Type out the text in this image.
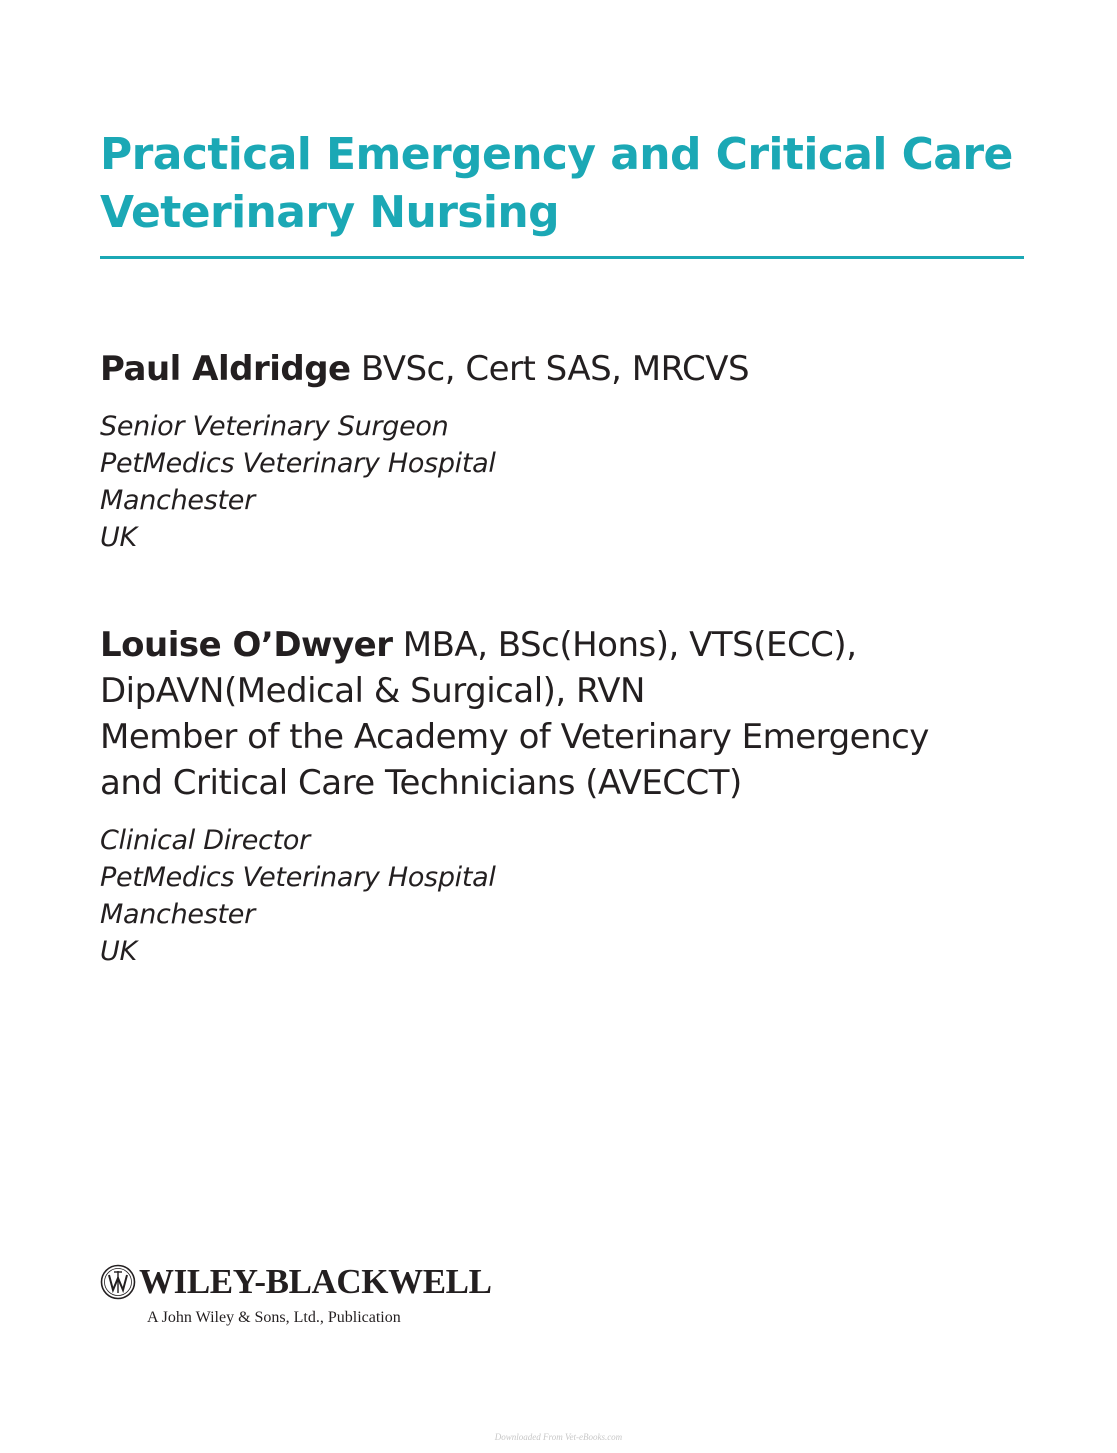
Practical Emergency and Critical Care
Veterinary Nursing
Paul Aldridge BVSc, Cert SAS, MRCVS
Senior Veterinary Surgeon
PetMedics Veterinary Hospital
Manchester
UK
Louise O’Dwyer MBA, BSc(Hons), VTS(ECC),
DipAVN(Medical & Surgical), RVN
Member of the Academy of Veterinary Emergency
and Critical Care Technicians (AVECCT)
Clinical Director
PetMedics Veterinary Hospital
Manchester
UK
WILEY-BLACKWELL
A John Wiley & Sons, Ltd., Publication
Downloaded From Vet-eBooks.com
